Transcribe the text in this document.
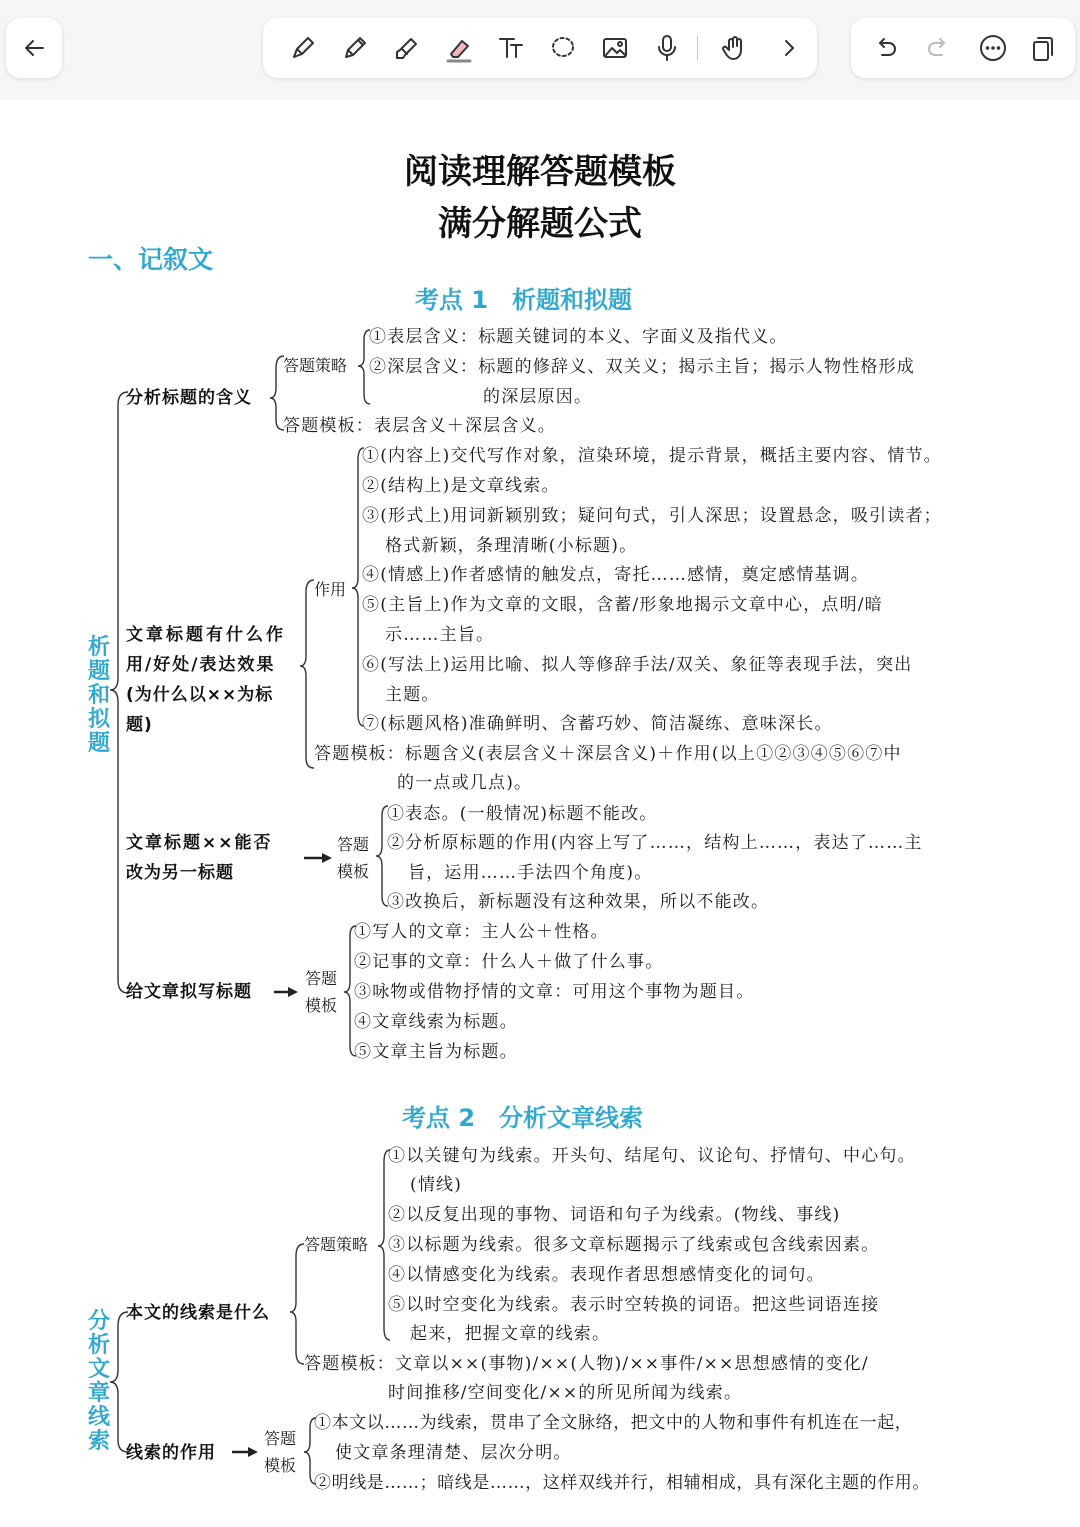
阅读理解答题模板
满分解题公式
一、记叙文
考点 1　析题和拟题
析题和拟题
分析标题的含义
答题策略
①表层含义：标题关键词的本义、字面义及指代义。
②深层含义：标题的修辞义、双关义；揭示主旨；揭示人物性格形成
的深层原因。
答题模板：表层含义＋深层含义。
文章标题有什么作
用/好处/表达效果
(为什么以××为标
题)
作用
①(内容上)交代写作对象，渲染环境，提示背景，概括主要内容、情节。
②(结构上)是文章线索。
③(形式上)用词新颖别致；疑问句式，引人深思；设置悬念，吸引读者；
格式新颖，条理清晰(小标题)。
④(情感上)作者感情的触发点，寄托……感情，奠定感情基调。
⑤(主旨上)作为文章的文眼，含蓄/形象地揭示文章中心，点明/暗
示……主旨。
⑥(写法上)运用比喻、拟人等修辞手法/双关、象征等表现手法，突出
主题。
⑦(标题风格)准确鲜明、含蓄巧妙、简洁凝练、意味深长。
答题模板：标题含义(表层含义＋深层含义)＋作用(以上①②③④⑤⑥⑦中
的一点或几点)。
文章标题××能否
改为另一标题
答题
模板
①表态。(一般情况)标题不能改。
②分析原标题的作用(内容上写了……，结构上……，表达了……主
旨，运用……手法四个角度)。
③改换后，新标题没有这种效果，所以不能改。
给文章拟写标题
答题
模板
①写人的文章：主人公＋性格。
②记事的文章：什么人＋做了什么事。
③咏物或借物抒情的文章：可用这个事物为题目。
④文章线索为标题。
⑤文章主旨为标题。
考点 2　分析文章线索
分析文章线索
本文的线索是什么
答题策略
①以关键句为线索。开头句、结尾句、议论句、抒情句、中心句。
(情线)
②以反复出现的事物、词语和句子为线索。(物线、事线)
③以标题为线索。很多文章标题揭示了线索或包含线索因素。
④以情感变化为线索。表现作者思想感情变化的词句。
⑤以时空变化为线索。表示时空转换的词语。把这些词语连接
起来，把握文章的线索。
答题模板：文章以××(事物)/××(人物)/××事件/××思想感情的变化/
时间推移/空间变化/××的所见所闻为线索。
线索的作用
答题
模板
①本文以……为线索，贯串了全文脉络，把文中的人物和事件有机连在一起，
使文章条理清楚、层次分明。
②明线是……；暗线是……，这样双线并行，相辅相成，具有深化主题的作用。
